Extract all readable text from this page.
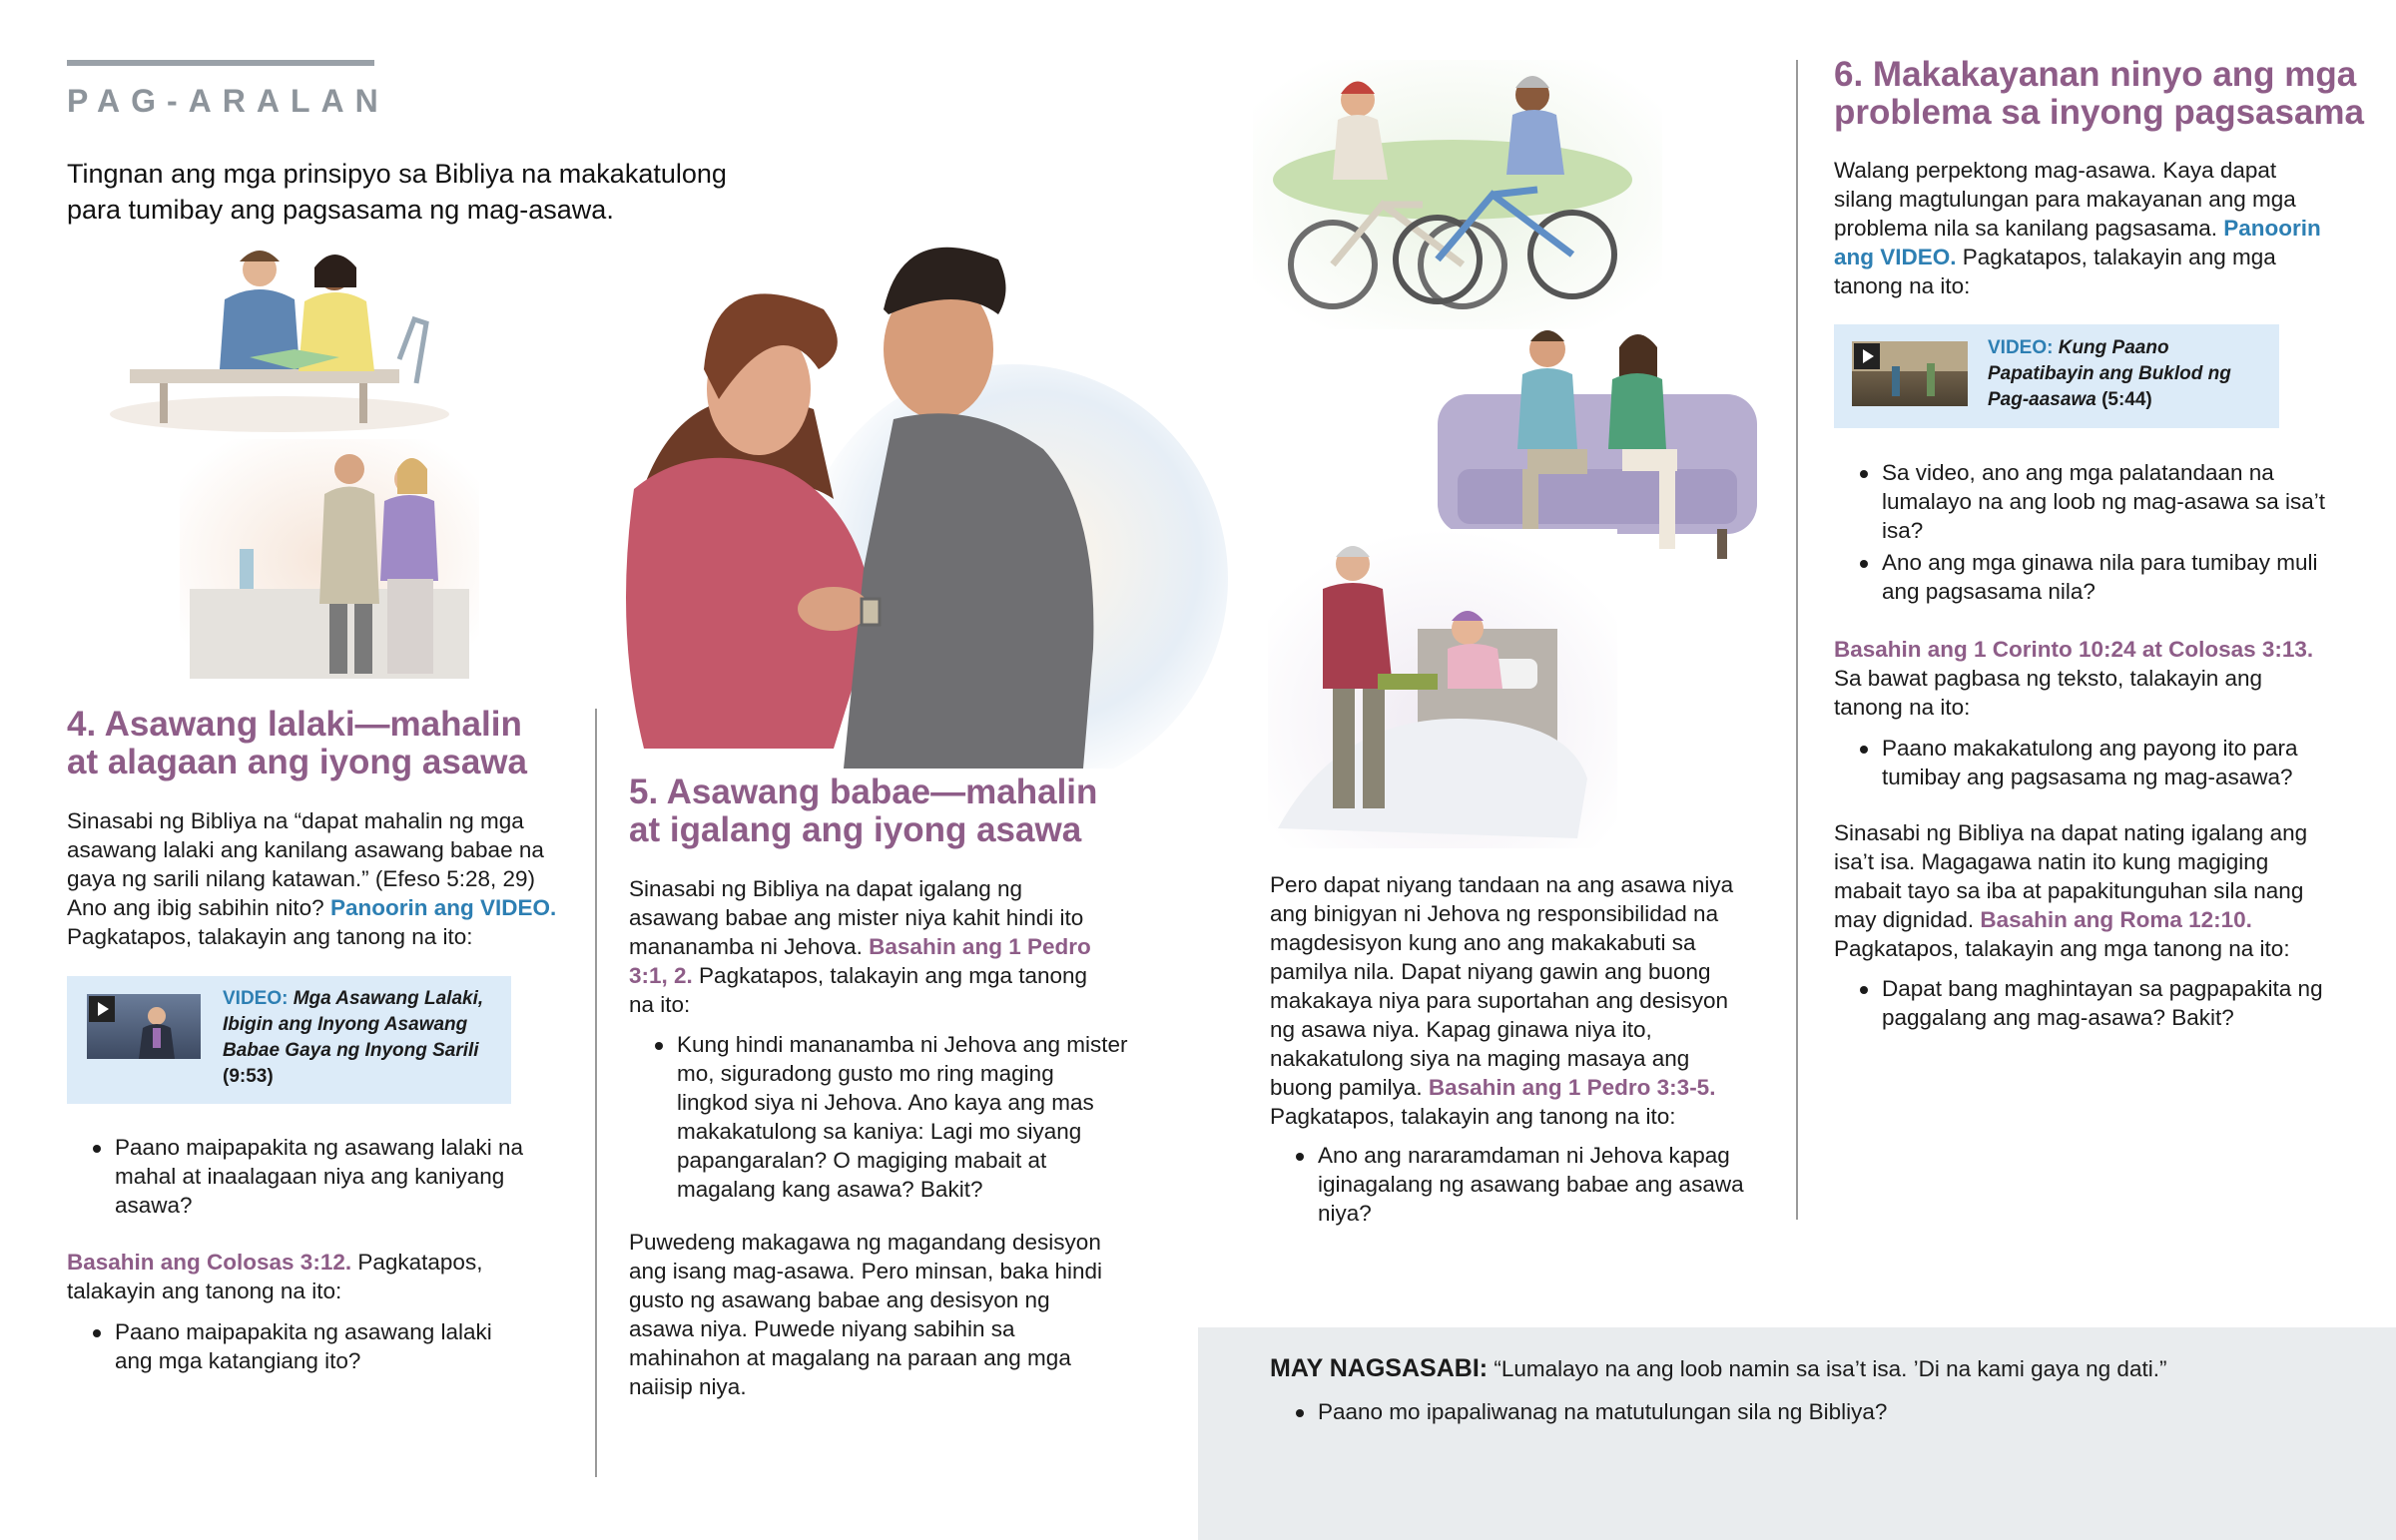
PAG-ARALAN

Tingnan ang mga prinsipyo sa Bibliya na makakatulong para tumibay ang pagsasama ng mag-asawa.

4. Asawang lalaki—mahalin
at alagaan ang iyong asawa

Sinasabi ng Bibliya na “dapat mahalin ng mga asawang lalaki ang kanilang asawang babae na gaya ng sarili nilang katawan.” (Efeso 5:28, 29) Ano ang ibig sabihin nito? Panoorin ang VIDEO. Pagkatapos, talakayin ang tanong na ito:

VIDEO: Mga Asawang Lalaki, Ibigin ang Inyong Asawang Babae Gaya ng Inyong Sarili
(9:53)
Paano maipapakita ng asawang lalaki na mahal at inaalagaan niya ang kaniyang asawa?

Basahin ang Colosas 3:12. Pagkatapos, talakayin ang tanong na ito:

Paano maipapakita ng asawang lalaki ang mga katangiang ito?
5. Asawang babae—mahalin
at igalang ang iyong asawa

Sinasabi ng Bibliya na dapat igalang ng asawang babae ang mister niya kahit hindi ito mananamba ni Jehova. Basahin ang 1 Pedro 3:1, 2. Pagkatapos, talakayin ang mga tanong na ito:

Kung hindi mananamba ni Jehova ang mister mo, siguradong gusto mo ring maging lingkod siya ni Jehova. Ano kaya ang mas makakatulong sa kaniya: Lagi mo siyang papangaralan? O magiging mabait at magalang kang asawa? Bakit?

Puwedeng makagawa ng magandang desisyon ang isang mag-asawa. Pero minsan, baka hindi gusto ng asawang babae ang desisyon ng asawa niya. Puwede niyang sabihin sa mahinahon at magalang na paraan ang mga naiisip niya.

Pero dapat niyang tandaan na ang asawa niya ang binigyan ni Jehova ng responsibilidad na magdesisyon kung ano ang makakabuti sa pamilya nila. Dapat niyang gawin ang buong makakaya niya para suportahan ang desisyon ng asawa niya. Kapag ginawa niya ito, nakakatulong siya na maging masaya ang buong pamilya. Basahin ang 1 Pedro 3:3-5. Pagkatapos, talakayin ang tanong na ito:

Ano ang nararamdaman ni Jehova kapag iginagalang ng asawang babae ang asawa niya?
6. Makakayanan ninyo ang mga
problema sa inyong pagsasama

Walang perpektong mag-asawa. Kaya dapat silang magtulungan para makayanan ang mga problema nila sa kanilang pagsasama. Panoorin ang VIDEO. Pagkatapos, talakayin ang mga tanong na ito:

VIDEO: Kung Paano Papatibayin ang Buklod ng Pag-aasawa (5:44)
Sa video, ano ang mga palatandaan na lumalayo na ang loob ng mag-asawa sa isa’t isa?
Ano ang mga ginawa nila para tumibay muli ang pagsasama nila?

Basahin ang 1 Corinto 10:24 at Colosas 3:13.
Sa bawat pagbasa ng teksto, talakayin ang tanong na ito:

Paano makakatulong ang payong ito para tumibay ang pagsasama ng mag-asawa?

Sinasabi ng Bibliya na dapat nating igalang ang isa’t isa. Magagawa natin ito kung magiging mabait tayo sa iba at papakitunguhan sila nang may dignidad. Basahin ang Roma 12:10. Pagkatapos, talakayin ang mga tanong na ito:

Dapat bang maghintayan sa pagpapakita ng paggalang ang mag-asawa? Bakit?

MAY NAGSASABI: “Lumalayo na ang loob namin sa isa’t isa. ’Di na kami gaya ng dati.”

Paano mo ipapaliwanag na matutulungan sila ng Bibliya?
